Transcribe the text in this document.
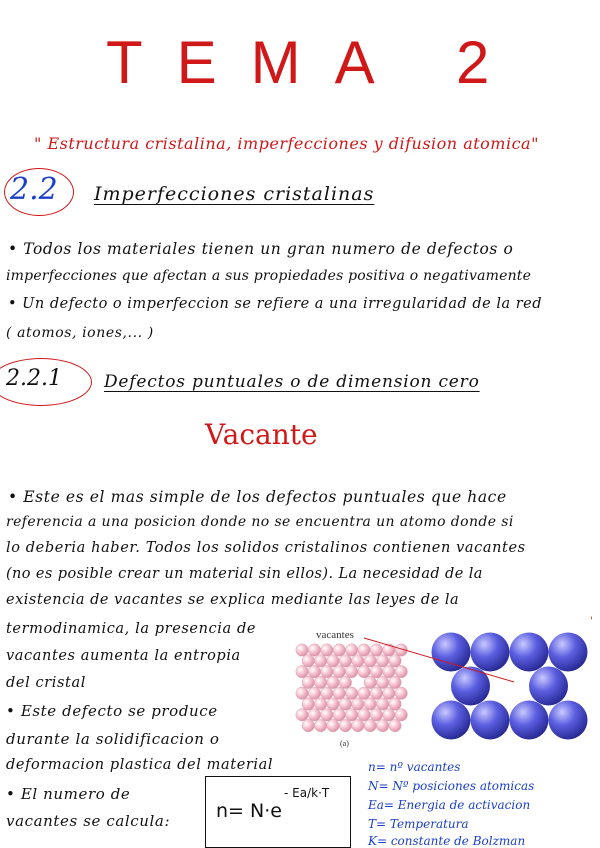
TEMA 2
" Estructura cristalina, imperfecciones y difusion atomica"
2.2 Imperfecciones cristalinas
• Todos los materiales tienen un gran numero de defectos o
imperfecciones que afectan a sus propiedades positiva o negativamente
• Un defecto o imperfeccion se refiere a una irregularidad de la red
( atomos, iones,... )
2.2.1 Defectos puntuales o de dimension cero
Vacante
• Este es el mas simple de los defectos puntuales que hace
referencia a una posicion donde no se encuentra un atomo donde si
lo deberia haber. Todos los solidos cristalinos contienen vacantes
(no es posible crear un material sin ellos). La necesidad de la
existencia de vacantes se explica mediante las leyes de la
termodinamica, la presencia de
vacantes aumenta la entropia
del cristal
• Este defecto se produce
durante la solidificacion o
deformacion plastica del material
• El numero de
vacantes se calcula:
vacantes
(a)
n= N·e
- Ea/k·T
n= nº vacantes
N= Nº posiciones atomicas
Ea= Energia de activacion
T= Temperatura
K= constante de Bolzman
'
